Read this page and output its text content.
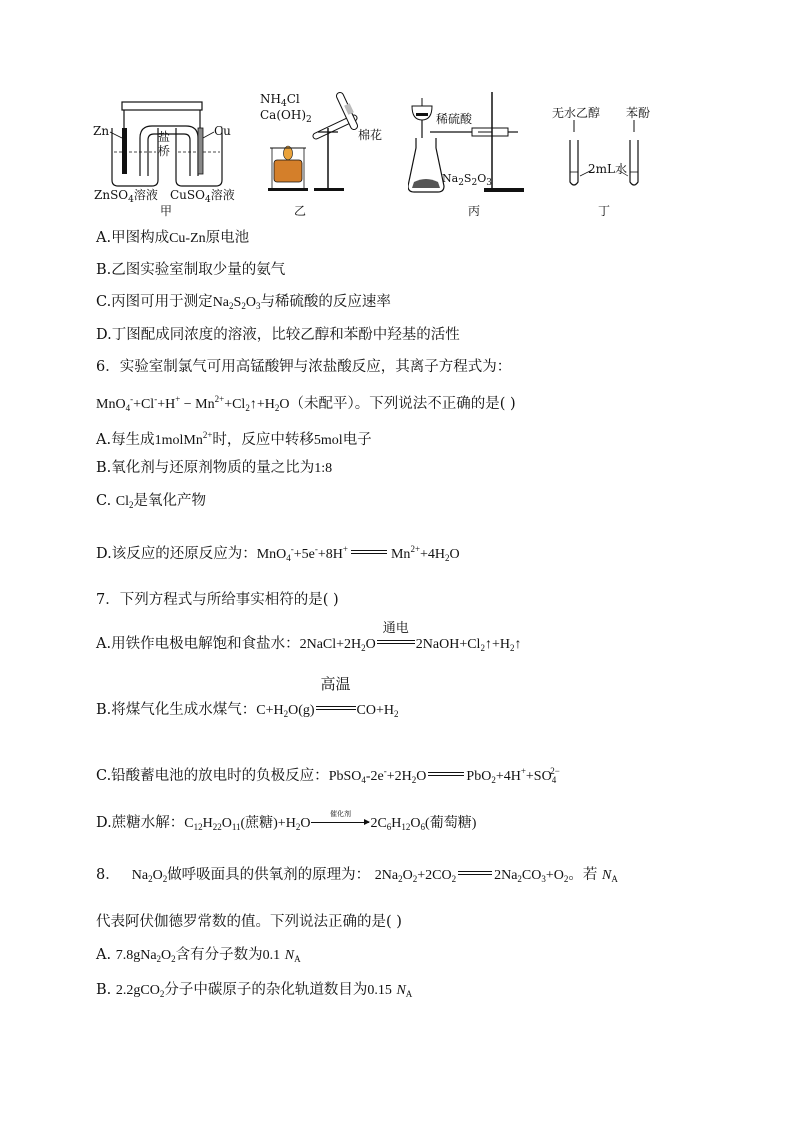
Zn	Cu
盐
桥
ZnSO$_4$溶液 CuSO$_4$溶液
甲
$NH_4Cl$
$Ca(OH)_2$
棉花
乙
稀硫酸
$Na_2S_2O_3$
丙
无水乙醇 苯酚
2mL水
丁
A.甲图构成Cu-Zn原电池
B.乙图实验室制取少量的氨气
C.丙图可用于测定$Na_2S_2O_3$与稀硫酸的反应速率
D.丁图配成同浓度的溶液，比较乙醇和苯酚中羟基的活性
6．实验室制氯气可用高锰酸钾与浓盐酸反应，其离子方程式为：
$MnO_4^-+Cl^-+H^+ - Mn^{2+}+Cl_2↑+H_2O$（未配平）。下列说法不正确的是( )
A.每生成1molMn$^{2+}$时，反应中转移5mol电子
B.氧化剂与还原剂物质的量之比为1:8
C. $Cl_2$是氧化产物
D.该反应的还原反应为：MnO$_4$-+5e-+8H+	$Mn^{2+}+4H_2O$
7．下列方程式与所给事实相符的是( )
A.用铁作电极电解饱和食盐水：$2NaCl+2H_2O$
通电
$2NaOH+Cl_2↑+H_2↑$
B.将煤气化生成水煤气：$C+H_2O(g)$
高温
$CO+H_2$
C.铅酸蓄电池的放电时的负极反应：$PbSO_4-2e^-+2H_2O$	$PbO_2+4H^++SO_4^{2-}$
D.蔗糖水解：$C_{12}H_{22}O_{11}$(蔗糖)$+H_2O$
催化剂
$2C_6H_{12}O_6$(葡萄糖)
8． $Na_2O_2$做呼吸面具的供氧剂的原理为： $2Na_2O_2+2CO_2$	$2Na_2CO_3+O_2$。若 $N_A$
代表阿伏伽德罗常数的值。下列说法正确的是( )
A. $7.8gNa_2O_2$含有分子数为0.1 $N_A$
B. 2.2gCO$_2$分子中碳原子的杂化轨道数目为0.15 $N_A$
